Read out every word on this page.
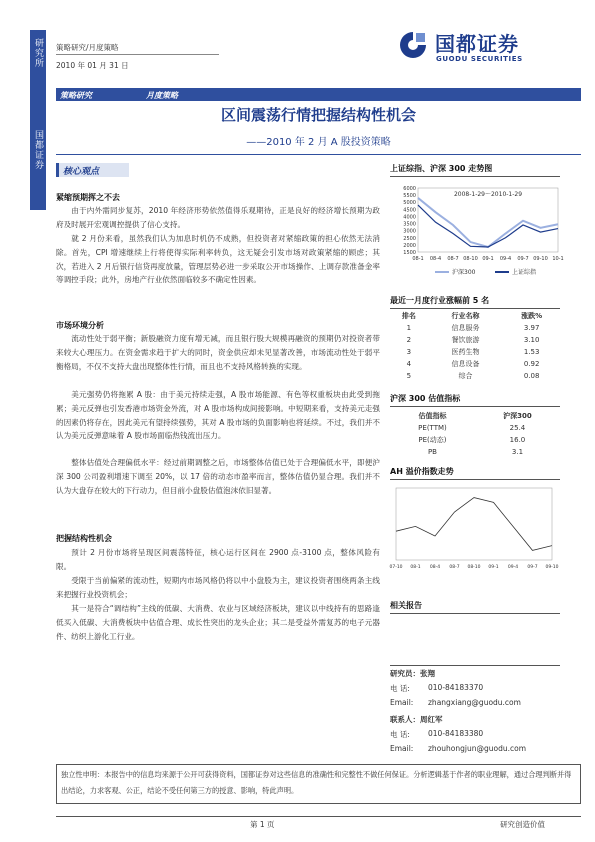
研究所
国都证券
策略研究/月度策略
2010 年 01 月 31 日
国都证券
GUODU SECURITIES
策略研究	月度策略
区间震荡行情把握结构性机会
——2010 年 2 月 A 股投资策略
核心观点
紧缩预期挥之不去
由于内外需同步复苏，2010 年经济形势依然值得乐观期待，正是良好的经济增长预期为政府及时展开宏观调控提供了信心支持。
就 2 月份来看，虽然我们认为加息时机仍不成熟，但投资者对紧缩政策的担心依然无法消除。首先，CPI 增速继续上行将使得实际利率转负，这无疑会引发市场对政策紧缩的顾虑；其次，若进入 2 月后银行信贷再度放量，管理层势必进一步采取公开市场操作、上调存款准备金率等调控手段；此外，房地产行业依然面临较多不确定性因素。
市场环境分析
流动性处于弱平衡；新股融资力度有增无减，而且银行股大规模再融资的预期仍对投资者带来较大心理压力。在资金需求趋于扩大的同时，资金供应却未见显著改善，市场流动性处于弱平衡格局，不仅不支持大盘出现整体性行情，而且也不支持风格转换的实现。
美元强势仍将拖累 A 股：由于美元持续走强，A 股市场能源、有色等权重板块由此受到拖累；美元反弹也引发香港市场资金外流，对 A 股市场构成间接影响。中短期来看，支持美元走强的因素仍将存在，因此美元有望持续强势，其对 A 股市场的负面影响也将延续。不过，我们并不认为美元反弹意味着 A 股市场面临热钱流出压力。
整体估值处合理偏低水平：经过前期调整之后，市场整体估值已处于合理偏低水平，即便沪深 300 公司盈利增速下调至 20%，以 17 倍的动态市盈率而言，整体估值仍显合理。我们并不认为大盘存在较大的下行动力，但目前小盘股估值泡沫依旧显著。
把握结构性机会
预计 2 月份市场将呈现区间震荡特征，核心运行区间在 2900 点-3100 点，整体风险有限。
受限于当前偏紧的流动性，短期内市场风格仍将以中小盘股为主，建议投资者围绕两条主线来把握行业投资机会；
其一是符合“调结构”主线的低碳、大消费、农业与区域经济板块，建议以中线持有的思路逢低买入低碳、大消费板块中估值合理、成长性突出的龙头企业；其二是受益外需复苏的电子元器件、纺织上游化工行业。
上证综指、沪深 300 走势图
6000
5500
5000
4500
4000
3500
3000
2500
2000
1500
08-1 08-4 08-7 08-10 09-1 09-4 09-7 09-10 10-1
2008-1-29～2010-1-29
沪深300	上证综指
最近一月度行业涨幅前 5 名
排名	行业名称	涨跌%
1	信息服务	3.97
2	餐饮旅游	3.10
3	医药生物	1.53
4	信息设备	0.92
5	综合	0.08
沪深 300 估值指标
估值指标	沪深300
PE(TTM)	25.4
PE(动态)	16.0
PB	3.1
AH 溢价指数走势
07-10 08-1 08-4 08-7 08-10 09-1 09-4 09-7 09-10
相关报告
研究员：张翔
电 话: 010-84183370
Email: zhangxiang@guodu.com
联系人：周红军
电 话: 010-84183380
Email: zhouhongjun@guodu.com
独立性申明：本报告中的信息均来源于公开可获得资料，国都证券对这些信息的准确性和完整性不做任何保证。分析逻辑基于作者的职业理解，通过合理判断并得出结论，力求客观、公正，结论不受任何第三方的授意、影响，特此声明。
第 1 页	研究创造价值
